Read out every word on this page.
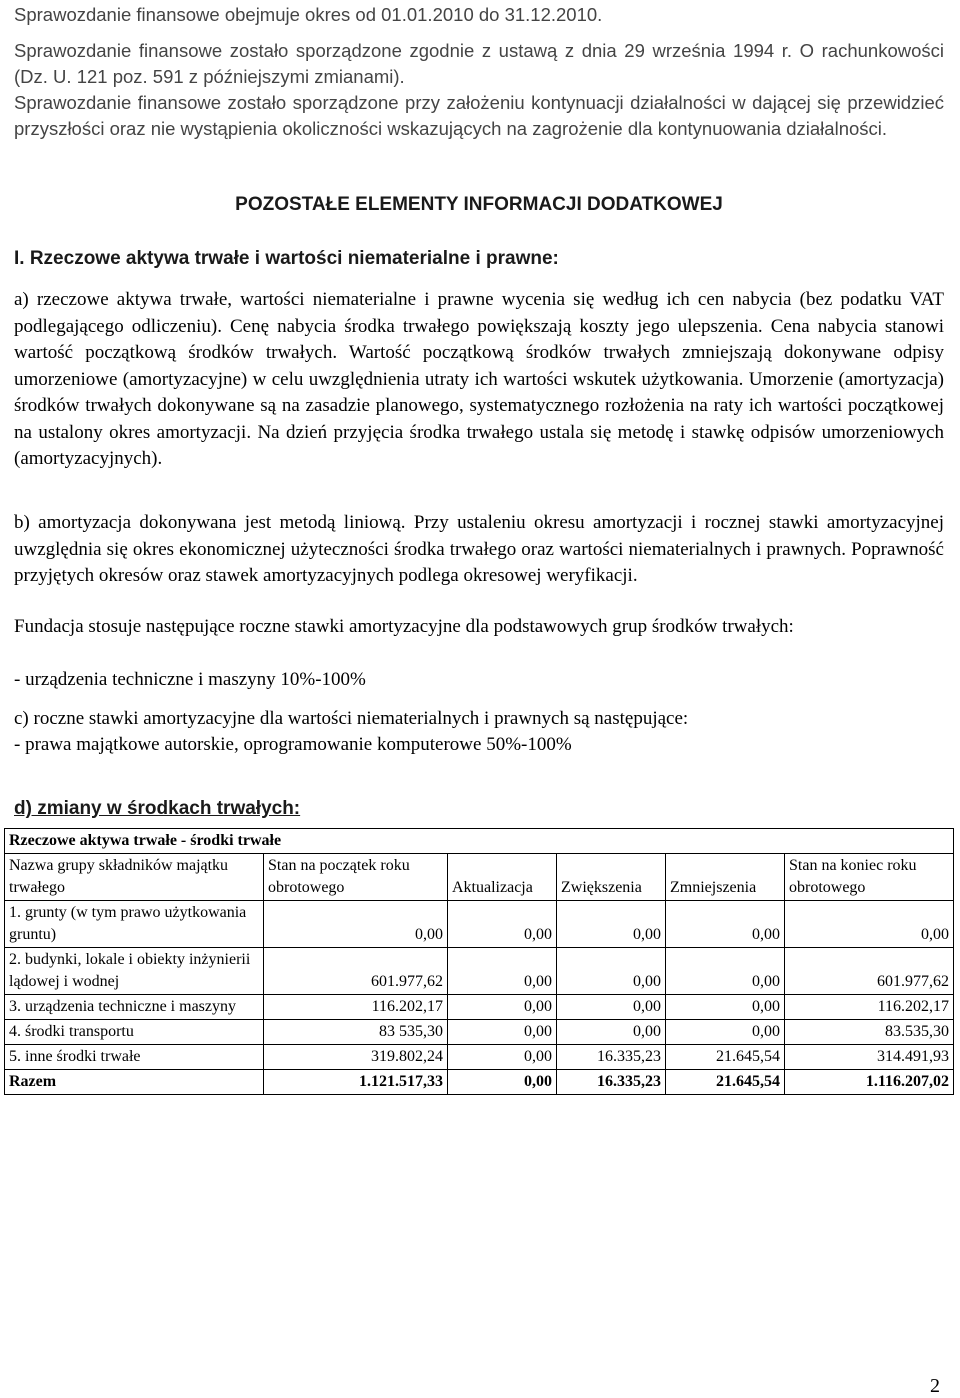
Sprawozdanie finansowe obejmuje okres od 01.01.2010 do 31.12.2010.

Sprawozdanie finansowe zostało sporządzone zgodnie z ustawą z dnia 29 września 1994 r. O rachunkowości (Dz. U. 121 poz. 591 z późniejszymi zmianami).

Sprawozdanie finansowe zostało sporządzone przy założeniu kontynuacji działalności w dającej się przewidzieć przyszłości oraz nie wystąpienia okoliczności wskazujących na zagrożenie dla kontynuowania działalności.

POZOSTAŁE ELEMENTY INFORMACJI DODATKOWEJ

I. Rzeczowe aktywa trwałe i wartości niematerialne i prawne:

a) rzeczowe aktywa trwałe, wartości niematerialne i prawne wycenia się według ich cen nabycia (bez podatku VAT podlegającego odliczeniu). Cenę nabycia środka trwałego powiększają koszty jego ulepszenia. Cena nabycia stanowi wartość początkową środków trwałych. Wartość początkową środków trwałych zmniejszają dokonywane odpisy umorzeniowe (amortyzacyjne) w celu uwzględnienia utraty ich wartości wskutek użytkowania. Umorzenie (amortyzacja) środków trwałych dokonywane są na zasadzie planowego, systematycznego rozłożenia na raty ich wartości początkowej na ustalony okres amortyzacji. Na dzień przyjęcia środka trwałego ustala się metodę i stawkę odpisów umorzeniowych (amortyzacyjnych).

b) amortyzacja dokonywana jest metodą liniową. Przy ustaleniu okresu amortyzacji i rocznej stawki amortyzacyjnej uwzględnia się okres ekonomicznej użyteczności środka trwałego oraz wartości niematerialnych i prawnych. Poprawność przyjętych okresów oraz stawek amortyzacyjnych podlega okresowej weryfikacji.

Fundacja stosuje następujące roczne stawki amortyzacyjne dla podstawowych grup środków trwałych:

- urządzenia techniczne i maszyny 10%-100%

c) roczne stawki amortyzacyjne dla wartości niematerialnych i prawnych są następujące:

- prawa majątkowe autorskie, oprogramowanie komputerowe 50%-100%

d) zmiany w środkach trwałych:

Rzeczowe aktywa trwałe - środki trwałe					
Nazwa grupy składników majątku trwałego	Stan na początek roku obrotowego	Aktualizacja	Zwiększenia	Zmniejszenia	Stan na koniec roku obrotowego
1. grunty (w tym prawo użytkowania gruntu)	0,00	0,00	0,00	0,00	0,00
2. budynki, lokale i obiekty inżynierii lądowej i wodnej	601.977,62	0,00	0,00	0,00	601.977,62
3. urządzenia techniczne i maszyny	116.202,17	0,00	0,00	0,00	116.202,17
4. środki transportu	83 535,30	0,00	0,00	0,00	83.535,30
5. inne środki trwałe	319.802,24	0,00	16.335,23	21.645,54	314.491,93
Razem	1.121.517,33	0,00	16.335,23	21.645,54	1.116.207,02
2
